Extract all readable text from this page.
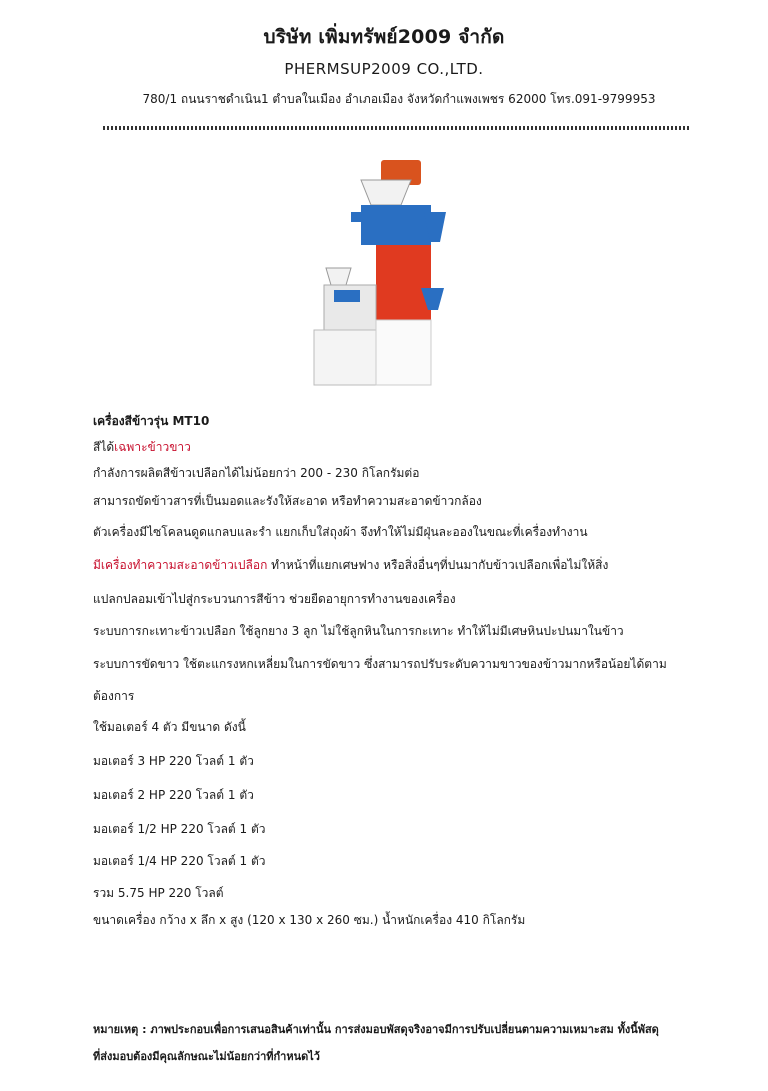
บริษัท เพิ่มทรัพย์2009 จำกัด

PHERMSUP2009 CO.,LTD.

780/1 ถนนราชดำเนิน1 ตำบลในเมือง อำเภอเมือง จังหวัดกำแพงเพชร 62000 โทร.091-9799953

เครื่องสีข้าวรุ่น MT10
สีได้เฉพาะข้าวขาว
กำลังการผลิตสีข้าวเปลือกได้ไม่น้อยกว่า 200 - 230 กิโลกรัมต่อ
สามารถขัดข้าวสารที่เป็นมอดและรังให้สะอาด หรือทำความสะอาดข้าวกล้อง
ตัวเครื่องมีไซโคลนดูดแกลบและรำ แยกเก็บใส่ถุงผ้า จึงทำให้ไม่มีฝุ่นละอองในขณะที่เครื่องทำงาน
มีเครื่องทำความสะอาดข้าวเปลือก ทำหน้าที่แยกเศษฟาง หรือสิ่งอื่นๆที่ปนมากับข้าวเปลือกเพื่อไม่ให้สิ่ง
แปลกปลอมเข้าไปสู่กระบวนการสีข้าว ช่วยยืดอายุการทำงานของเครื่อง
ระบบการกะเทาะข้าวเปลือก ใช้ลูกยาง 3 ลูก ไม่ใช้ลูกหินในการกะเทาะ ทำให้ไม่มีเศษหินปะปนมาในข้าว
ระบบการขัดขาว ใช้ตะแกรงหกเหลี่ยมในการขัดขาว ซึ่งสามารถปรับระดับความขาวของข้าวมากหรือน้อยได้ตาม
ต้องการ
ใช้มอเตอร์ 4 ตัว มีขนาด ดังนี้
มอเตอร์ 3 HP 220 โวลต์ 1 ตัว
มอเตอร์ 2 HP 220 โวลต์ 1 ตัว
มอเตอร์ 1/2 HP 220 โวลต์ 1 ตัว
มอเตอร์ 1/4 HP 220 โวลต์ 1 ตัว
รวม 5.75 HP 220 โวลต์
ขนาดเครื่อง กว้าง x ลึก x สูง (120 x 130 x 260 ซม.) น้ำหนักเครื่อง 410 กิโลกรัม
หมายเหตุ : ภาพประกอบเพื่อการเสนอสินค้าเท่านั้น การส่งมอบพัสดุจริงอาจมีการปรับเปลี่ยนตามความเหมาะสม ทั้งนี้พัสดุ
ที่ส่งมอบต้องมีคุณลักษณะไม่น้อยกว่าที่กำหนดไว้
